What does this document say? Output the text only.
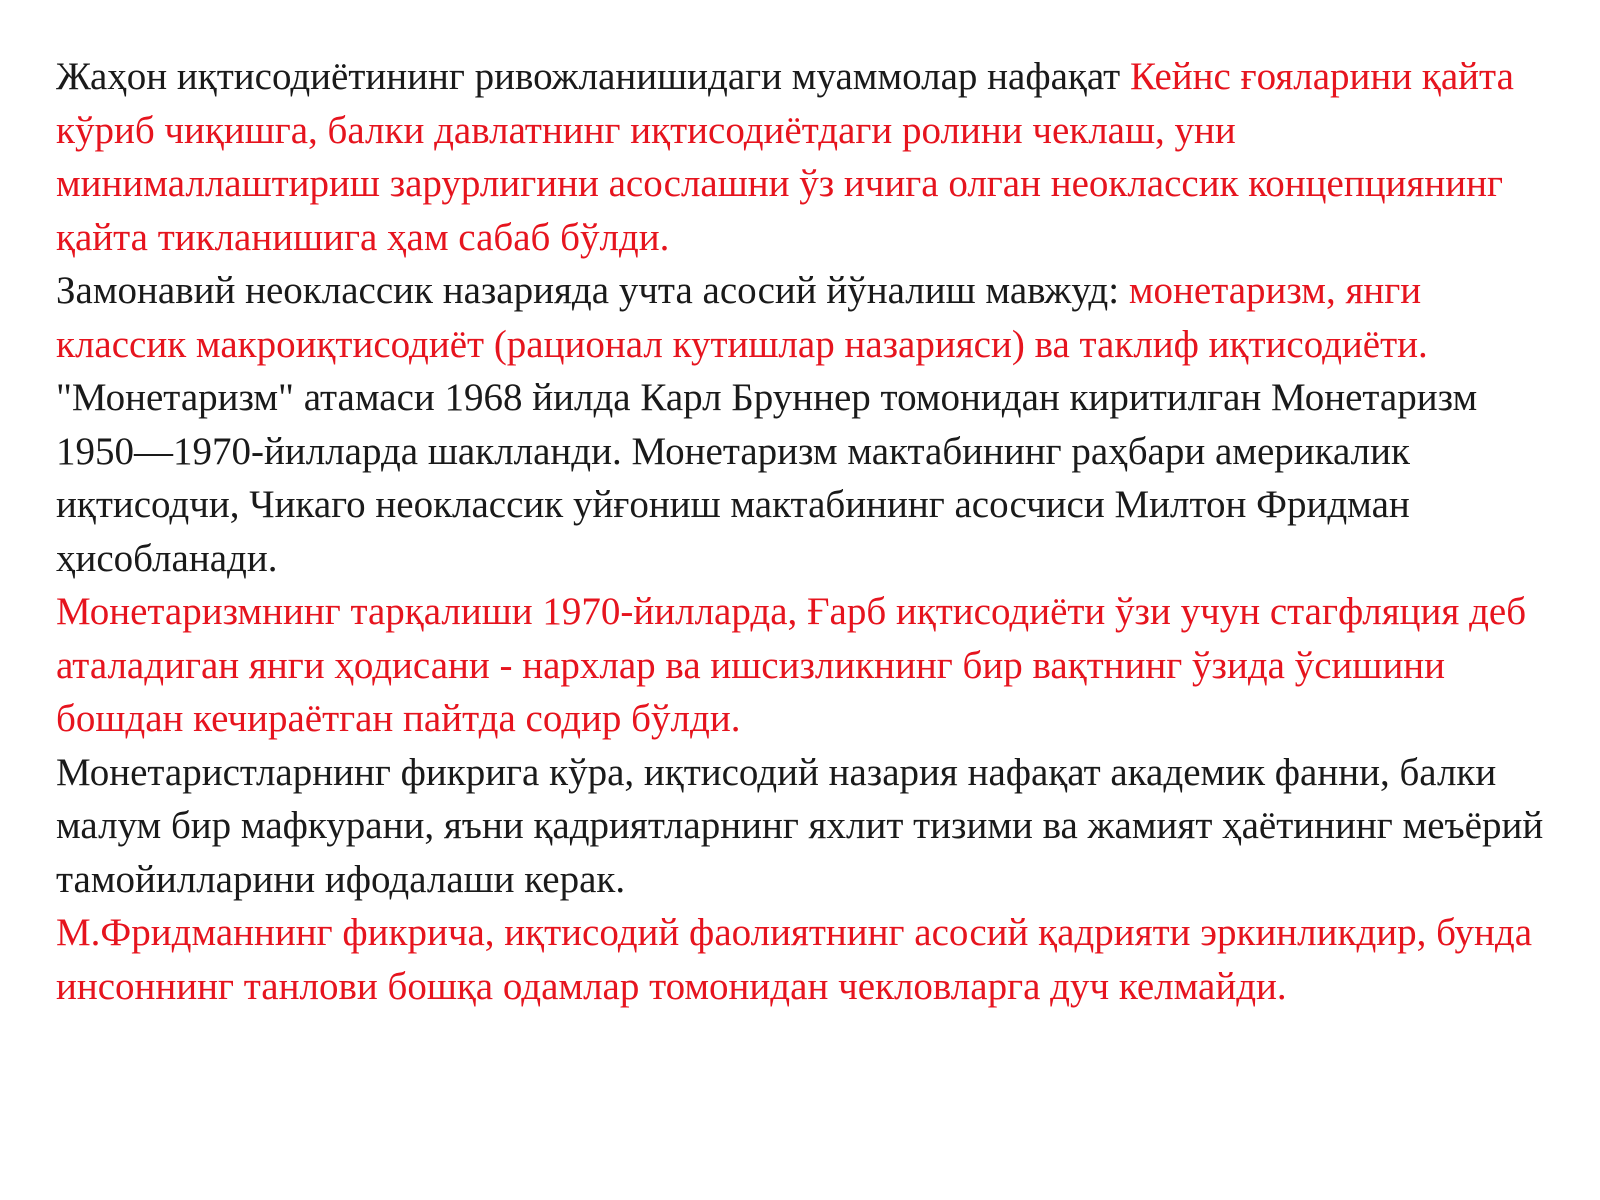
Жаҳон иқтисодиётининг ривожланишидаги муаммолар нафақат Кейнс ғояларини қайта кўриб чиқишга, балки давлатнинг иқтисодиётдаги ролини чеклаш, уни минималлаштириш зарурлигини асослашни ўз ичига олган неоклассик концепциянинг қайта тикланишига ҳам сабаб бўлди.

Замонавий неоклассик назарияда учта асосий йўналиш мавжуд: монетаризм, янги классик макроиқтисодиёт (рационал кутишлар назарияси) ва таклиф иқтисодиёти.

"Монетаризм" атамаси 1968 йилда Карл Бруннер томонидан киритилган Монетаризм 1950—1970-йилларда шаклланди. Монетаризм мактабининг раҳбари америкалик иқтисодчи, Чикаго неоклассик уйғониш мактабининг асосчиси Милтон Фридман ҳисобланади.

Монетаризмнинг тарқалиши 1970-йилларда, Ғарб иқтисодиёти ўзи учун стагфляция деб аталадиган янги ҳодисани - нархлар ва ишсизликнинг бир вақтнинг ўзида ўсишини бошдан кечираётган пайтда содир бўлди.

Монетаристларнинг фикрига кўра, иқтисодий назария нафақат академик фанни, балки малум бир мафкурани, яъни қадриятларнинг яхлит тизими ва жамият ҳаётининг меъёрий тамойилларини ифодалаши керак.

М.Фридманнинг фикрича, иқтисодий фаолиятнинг асосий қадрияти эркинликдир, бунда инсоннинг танлови бошқа одамлар томонидан чекловларга дуч келмайди.
